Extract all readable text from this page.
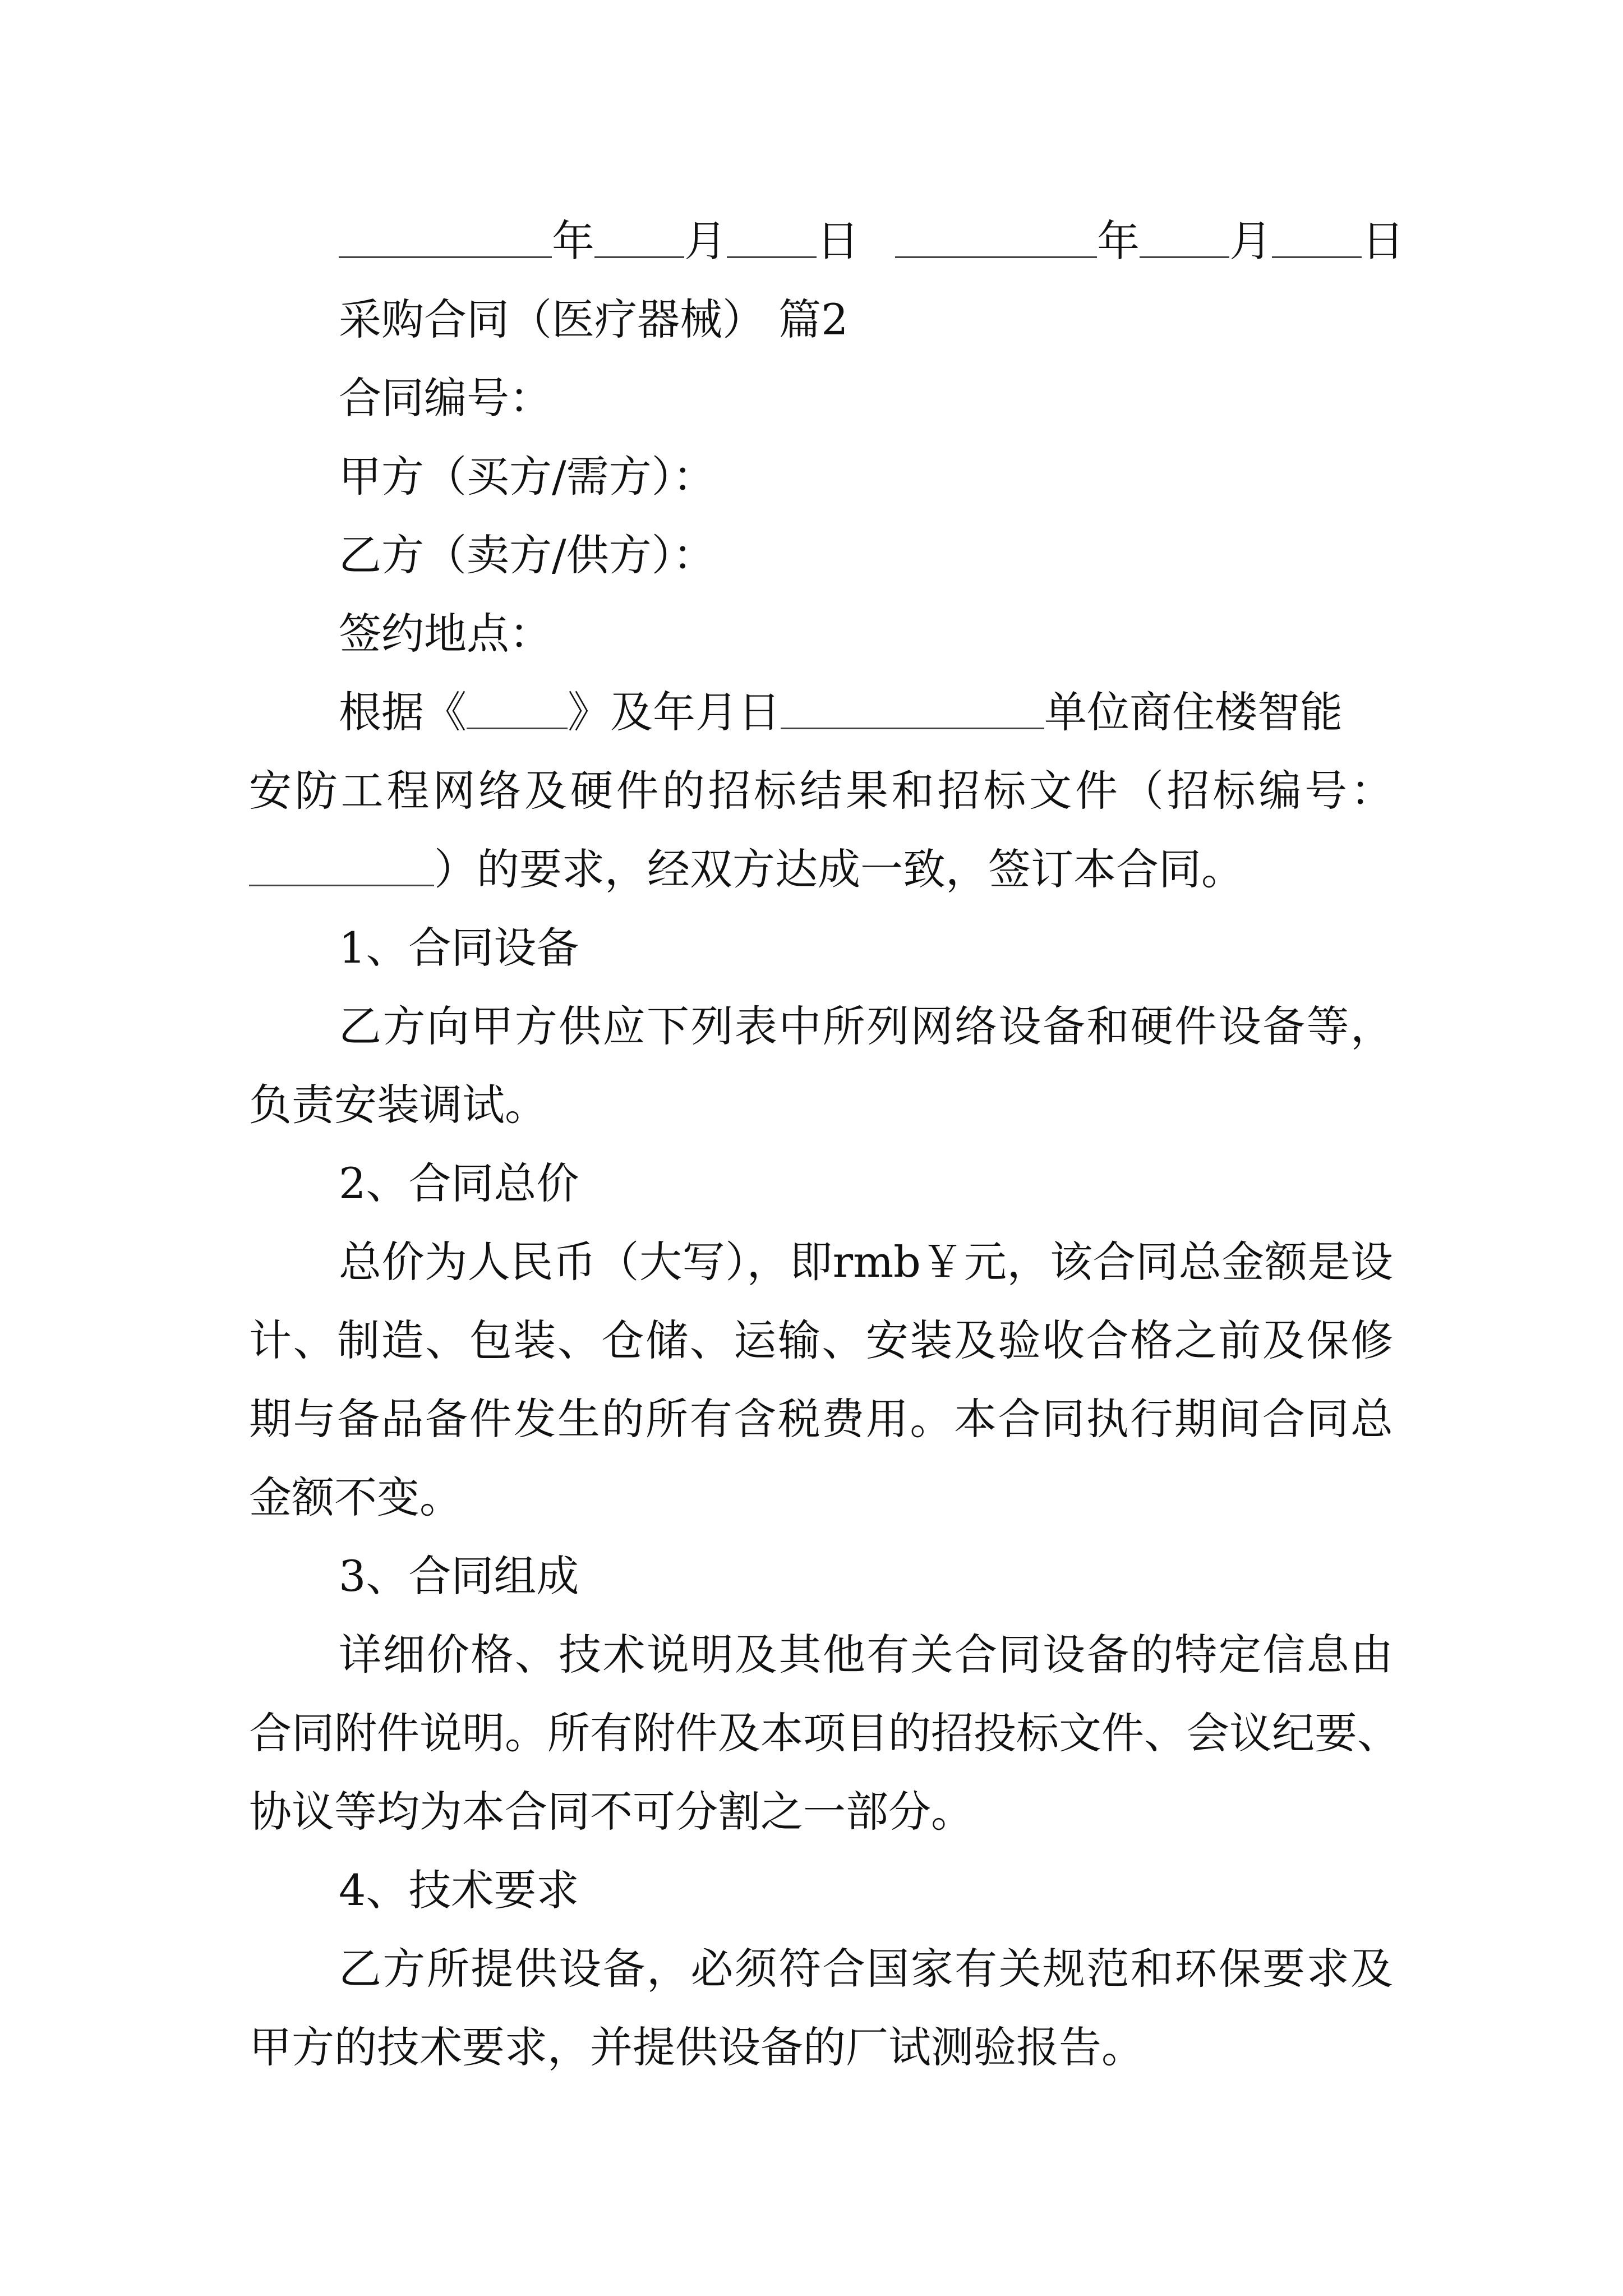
年 月 日	年 月 日
采购合同（医疗器械） 篇2
合同编号：
甲方（买方/需方）：
乙方（卖方/供方）：
签约地点：
根据《 》及年月日	单位商住楼智能
安防工程网络及硬件的招标结果和招标文件（招标编号：
）的要求，经双方达成一致，签订本合同。
1、合同设备
乙方向甲方供应下列表中所列网络设备和硬件设备等，
负责安装调试。
2、合同总价
总价为人民币（大写），即rmb￥元，该合同总金额是设
计、制造、包装、仓储、运输、安装及验收合格之前及保修
期与备品备件发生的所有含税费用。本合同执行期间合同总
金额不变。
3、合同组成
详细价格、技术说明及其他有关合同设备的特定信息由
合同附件说明。所有附件及本项目的招投标文件、会议纪要、
协议等均为本合同不可分割之一部分。
4、技术要求
乙方所提供设备，必须符合国家有关规范和环保要求及
甲方的技术要求，并提供设备的厂试测验报告。
